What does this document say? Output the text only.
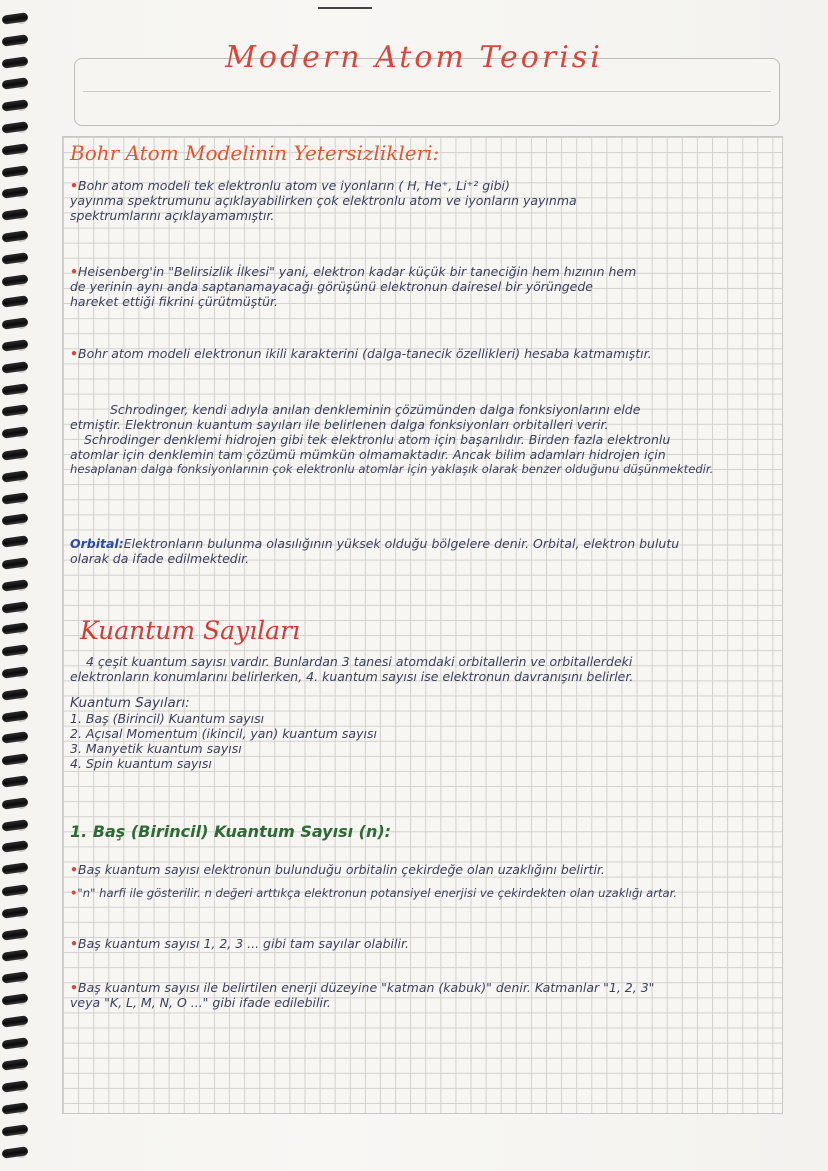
Modern Atom Teorisi
Bohr Atom Modelinin Yetersizlikleri:
•Bohr atom modeli tek elektronlu atom ve iyonların ( H, He⁺, Li⁺² gibi)
yayınma spektrumunu açıklayabilirken çok elektronlu atom ve iyonların yayınma
spektrumlarını açıklayamamıştır.
•Heisenberg'in "Belirsizlik İlkesi" yani, elektron kadar küçük bir taneciğin hem hızının hem
de yerinin aynı anda saptanamayacağı görüşünü elektronun dairesel bir yörüngede
hareket ettiği fikrini çürütmüştür.
•Bohr atom modeli elektronun ikili karakterini (dalga-tanecik özellikleri) hesaba katmamıştır.
Schrodinger, kendi adıyla anılan denkleminin çözümünden dalga fonksiyonlarını elde
etmiştir. Elektronun kuantum sayıları ile belirlenen dalga fonksiyonları orbitalleri verir.
Schrodinger denklemi hidrojen gibi tek elektronlu atom için başarılıdır. Birden fazla elektronlu
atomlar için denklemin tam çözümü mümkün olmamaktadır. Ancak bilim adamları hidrojen için
hesaplanan dalga fonksiyonlarının çok elektronlu atomlar için yaklaşık olarak benzer olduğunu düşünmektedir.
Orbital:Elektronların bulunma olasılığının yüksek olduğu bölgelere denir. Orbital, elektron bulutu
olarak da ifade edilmektedir.
Kuantum Sayıları
4 çeşit kuantum sayısı vardır. Bunlardan 3 tanesi atomdaki orbitallerin ve orbitallerdeki
elektronların konumlarını belirlerken, 4. kuantum sayısı ise elektronun davranışını belirler.
Kuantum Sayıları:
1. Baş (Birincil) Kuantum sayısı
2. Açısal Momentum (ikincil, yan) kuantum sayısı
3. Manyetik kuantum sayısı
4. Spin kuantum sayısı
1. Baş (Birincil) Kuantum Sayısı (n):
•Baş kuantum sayısı elektronun bulunduğu orbitalin çekirdeğe olan uzaklığını belirtir.
•"n" harfi ile gösterilir. n değeri arttıkça elektronun potansiyel enerjisi ve çekirdekten olan uzaklığı artar.
•Baş kuantum sayısı 1, 2, 3 ... gibi tam sayılar olabilir.
•Baş kuantum sayısı ile belirtilen enerji düzeyine "katman (kabuk)" denir. Katmanlar "1, 2, 3"
veya "K, L, M, N, O ..." gibi ifade edilebilir.
